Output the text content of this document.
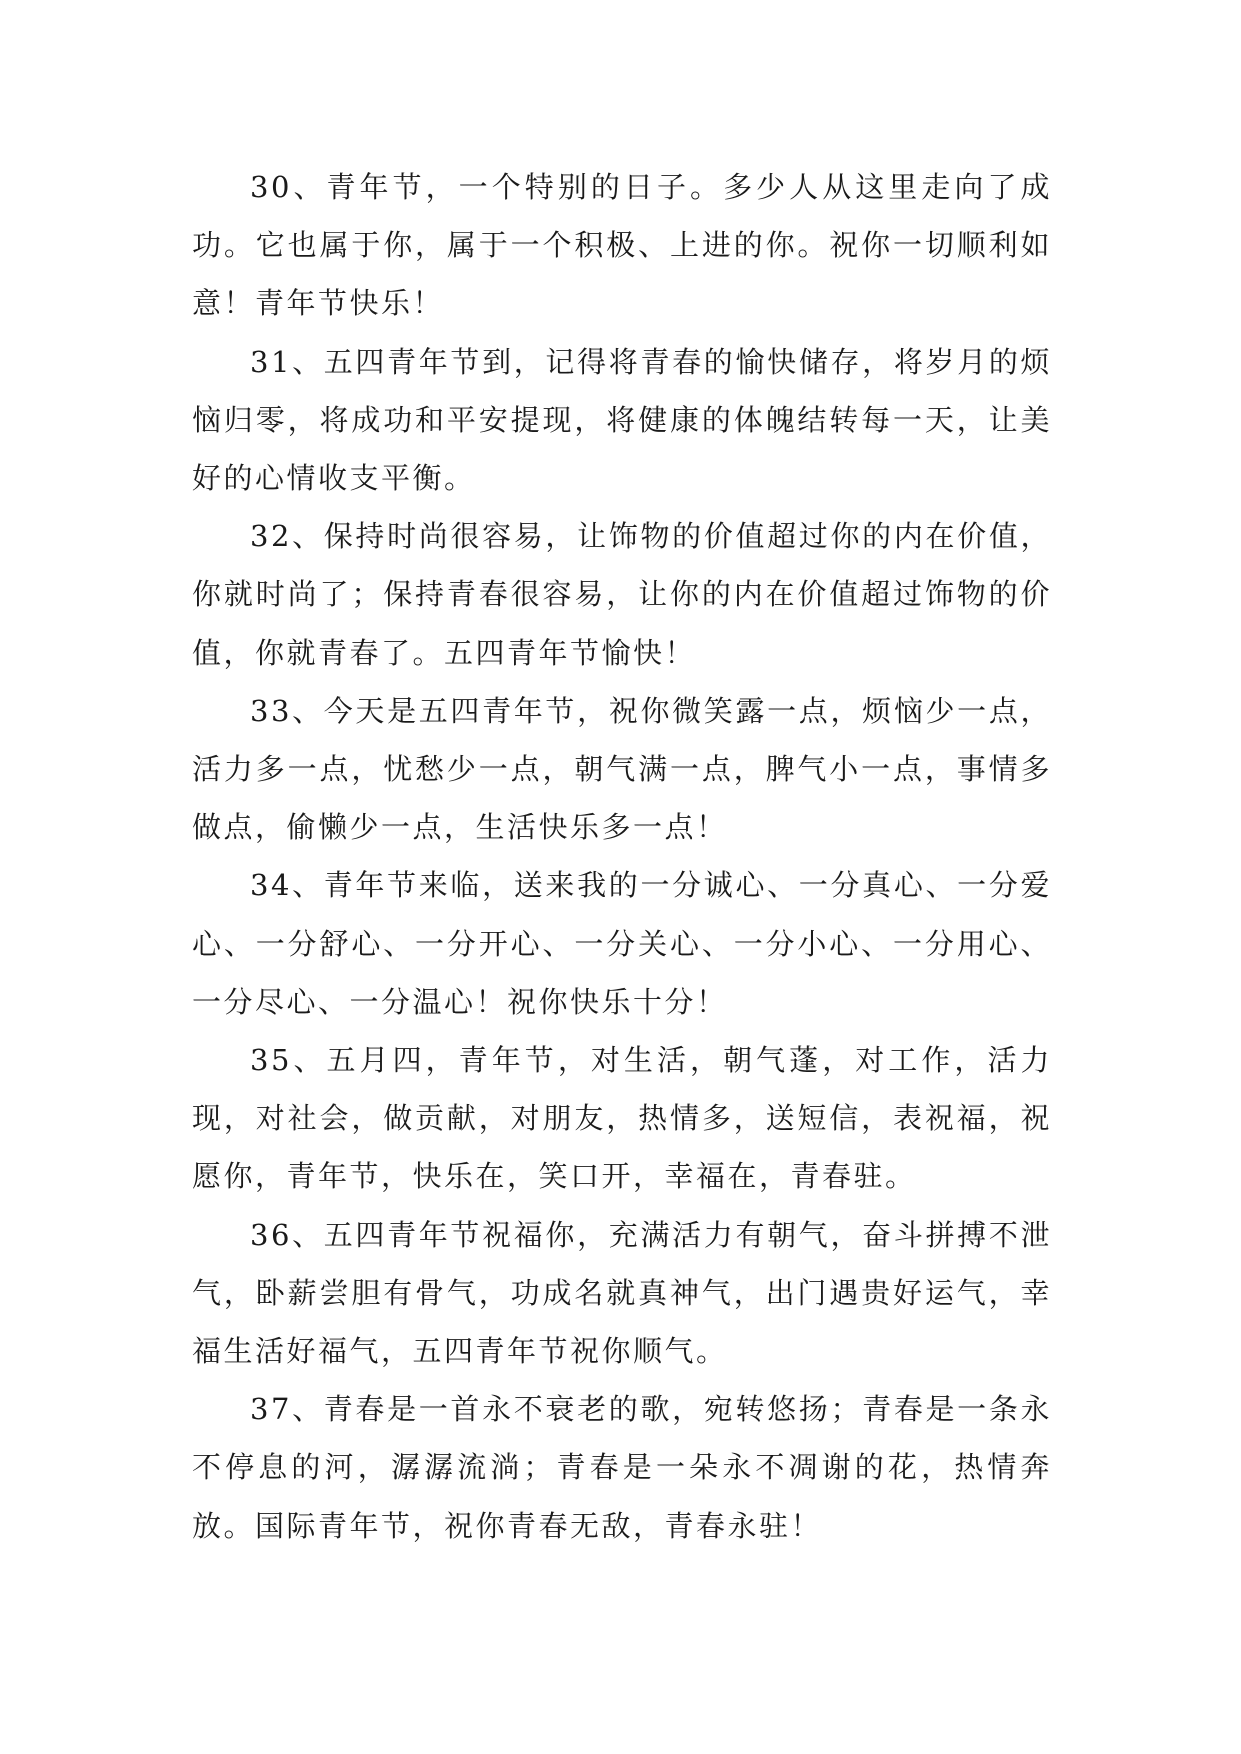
30、青年节，一个特别的日子。多少人从这里走向了成功。它也属于你，属于一个积极、上进的你。祝你一切顺利如意！青年节快乐！

31、五四青年节到，记得将青春的愉快储存，将岁月的烦恼归零，将成功和平安提现，将健康的体魄结转每一天，让美好的心情收支平衡。

32、保持时尚很容易，让饰物的价值超过你的内在价值，你就时尚了；保持青春很容易，让你的内在价值超过饰物的价值，你就青春了。五四青年节愉快！

33、今天是五四青年节，祝你微笑露一点，烦恼少一点，活力多一点，忧愁少一点，朝气满一点，脾气小一点，事情多做点，偷懒少一点，生活快乐多一点！

34、青年节来临，送来我的一分诚心、一分真心、一分爱心、一分舒心、一分开心、一分关心、一分小心、一分用心、一分尽心、一分温心！祝你快乐十分！

35、五月四，青年节，对生活，朝气蓬，对工作，活力现，对社会，做贡献，对朋友，热情多，送短信，表祝福，祝愿你，青年节，快乐在，笑口开，幸福在，青春驻。

36、五四青年节祝福你，充满活力有朝气，奋斗拼搏不泄气，卧薪尝胆有骨气，功成名就真神气，出门遇贵好运气，幸福生活好福气，五四青年节祝你顺气。

37、青春是一首永不衰老的歌，宛转悠扬；青春是一条永不停息的河，潺潺流淌；青春是一朵永不凋谢的花，热情奔放。国际青年节，祝你青春无敌，青春永驻！
